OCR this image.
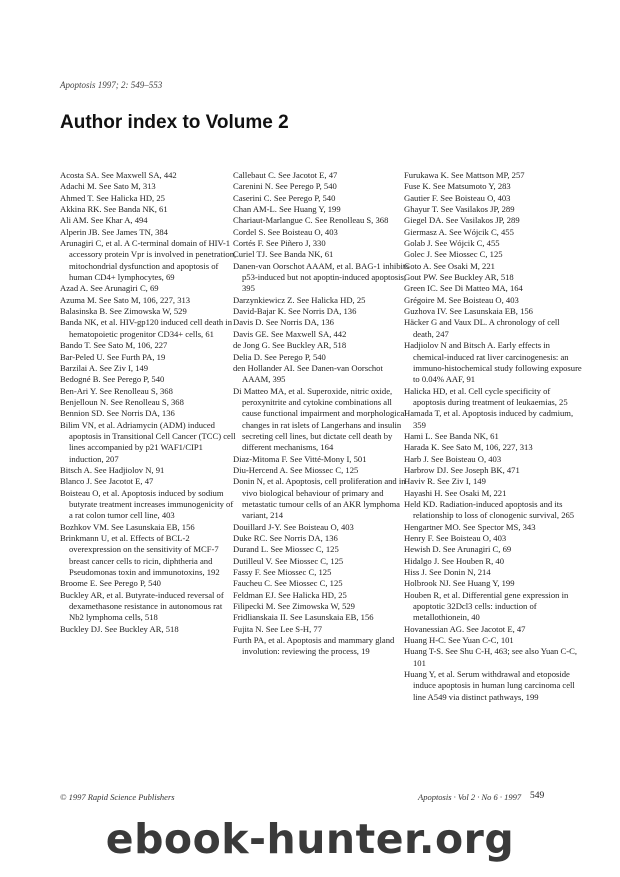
Apoptosis 1997; 2: 549–553
Author index to Volume 2

Acosta SA. See Maxwell SA, 442

Adachi M. See Sato M, 313

Ahmed T. See Halicka HD, 25

Akkina RK. See Banda NK, 61

Ali AM. See Khar A, 494

Alperin JB. See James TN, 384

Arunagiri C, et al. A C-terminal domain of HIV-1 accessory protein Vpr is involved in penetration, mitochondrial dysfunction and apoptosis of human CD4+ lymphocytes, 69

Azad A. See Arunagiri C, 69

Azuma M. See Sato M, 106, 227, 313

Balasinska B. See Zimowska W, 529

Banda NK, et al. HIV-gp120 induced cell death in hematopoietic progenitor CD34+ cells, 61

Bando T. See Sato M, 106, 227

Bar-Peled U. See Furth PA, 19

Barzilai A. See Ziv I, 149

Bedogné B. See Perego P, 540

Ben-Ari Y. See Renolleau S, 368

Benjelloun N. See Renolleau S, 368

Bennion SD. See Norris DA, 136

Bilim VN, et al. Adriamycin (ADM) induced apoptosis in Transitional Cell Cancer (TCC) cell lines accompanied by p21 WAF1/CIP1 induction, 207

Bitsch A. See Hadjiolov N, 91

Blanco J. See Jacotot E, 47

Boisteau O, et al. Apoptosis induced by sodium butyrate treatment increases immunogenicity of a rat colon tumor cell line, 403

Bozhkov VM. See Lasunskaia EB, 156

Brinkmann U, et al. Effects of BCL-2 overexpression on the sensitivity of MCF-7 breast cancer cells to ricin, diphtheria and Pseudomonas toxin and immunotoxins, 192

Broome E. See Perego P, 540

Buckley AR, et al. Butyrate-induced reversal of dexamethasone resistance in autonomous rat Nb2 lymphoma cells, 518

Buckley DJ. See Buckley AR, 518

Callebaut C. See Jacotot E, 47

Carenini N. See Perego P, 540

Caserini C. See Perego P, 540

Chan AM-L. See Huang Y, 199

Chariaut-Marlangue C. See Renolleau S, 368

Cordel S. See Boisteau O, 403

Cortés F. See Piñero J, 330

Curiel TJ. See Banda NK, 61

Danen-van Oorschot AAAM, et al. BAG-1 inhibits p53-induced but not apoptin-induced apoptosis, 395

Darzynkiewicz Z. See Halicka HD, 25

David-Bajar K. See Norris DA, 136

Davis D. See Norris DA, 136

Davis GE. See Maxwell SA, 442

de Jong G. See Buckley AR, 518

Delia D. See Perego P, 540

den Hollander AI. See Danen-van Oorschot AAAM, 395

Di Matteo MA, et al. Superoxide, nitric oxide, peroxynitrite and cytokine combinations all cause functional impairment and morphological changes in rat islets of Langerhans and insulin secreting cell lines, but dictate cell death by different mechanisms, 164

Diaz-Mitoma F. See Vitté-Mony I, 501

Diu-Hercend A. See Miossec C, 125

Donin N, et al. Apoptosis, cell proliferation and in vivo biological behaviour of primary and metastatic tumour cells of an AKR lymphoma variant, 214

Douillard J-Y. See Boisteau O, 403

Duke RC. See Norris DA, 136

Durand L. See Miossec C, 125

Dutilleul V. See Miossec C, 125

Fassy F. See Miossec C, 125

Faucheu C. See Miossec C, 125

Feldman EJ. See Halicka HD, 25

Filipecki M. See Zimowska W, 529

Fridlianskaia II. See Lasunskaia EB, 156

Fujita N. See Lee S-H, 77

Furth PA, et al. Apoptosis and mammary gland involution: reviewing the process, 19

Furukawa K. See Mattson MP, 257

Fuse K. See Matsumoto Y, 283

Gautier F. See Boisteau O, 403

Ghayur T. See Vasilakos JP, 289

Giegel DA. See Vasilakos JP, 289

Giermasz A. See Wójcik C, 455

Golab J. See Wójcik C, 455

Golec J. See Miossec C, 125

Goto A. See Osaki M, 221

Gout PW. See Buckley AR, 518

Green IC. See Di Matteo MA, 164

Grégoire M. See Boisteau O, 403

Guzhova IV. See Lasunskaia EB, 156

Häcker G and Vaux DL. A chronology of cell death, 247

Hadjiolov N and Bitsch A. Early effects in chemical-induced rat liver carcinogenesis: an immuno-histochemical study following exposure to 0.04% AAF, 91

Halicka HD, et al. Cell cycle specificity of apoptosis during treatment of leukaemias, 25

Hamada T, et al. Apoptosis induced by cadmium, 359

Hami L. See Banda NK, 61

Harada K. See Sato M, 106, 227, 313

Harb J. See Boisteau O, 403

Harbrow DJ. See Joseph BK, 471

Haviv R. See Ziv I, 149

Hayashi H. See Osaki M, 221

Held KD. Radiation-induced apoptosis and its relationship to loss of clonogenic survival, 265

Hengartner MO. See Spector MS, 343

Henry F. See Boisteau O, 403

Hewish D. See Arunagiri C, 69

Hidalgo J. See Houben R, 40

Hiss J. See Donin N, 214

Holbrook NJ. See Huang Y, 199

Houben R, et al. Differential gene expression in apoptotic 32Dcl3 cells: induction of metallothionein, 40

Hovanessian AG. See Jacotot E, 47

Huang H-C. See Yuan C-C, 101

Huang T-S. See Shu C-H, 463; see also Yuan C-C, 101

Huang Y, et al. Serum withdrawal and etoposide induce apoptosis in human lung carcinoma cell line A549 via distinct pathways, 199

© 1997 Rapid Science Publishers	Apoptosis · Vol 2 · No 6 · 1997 549
ebook-hunter.org
